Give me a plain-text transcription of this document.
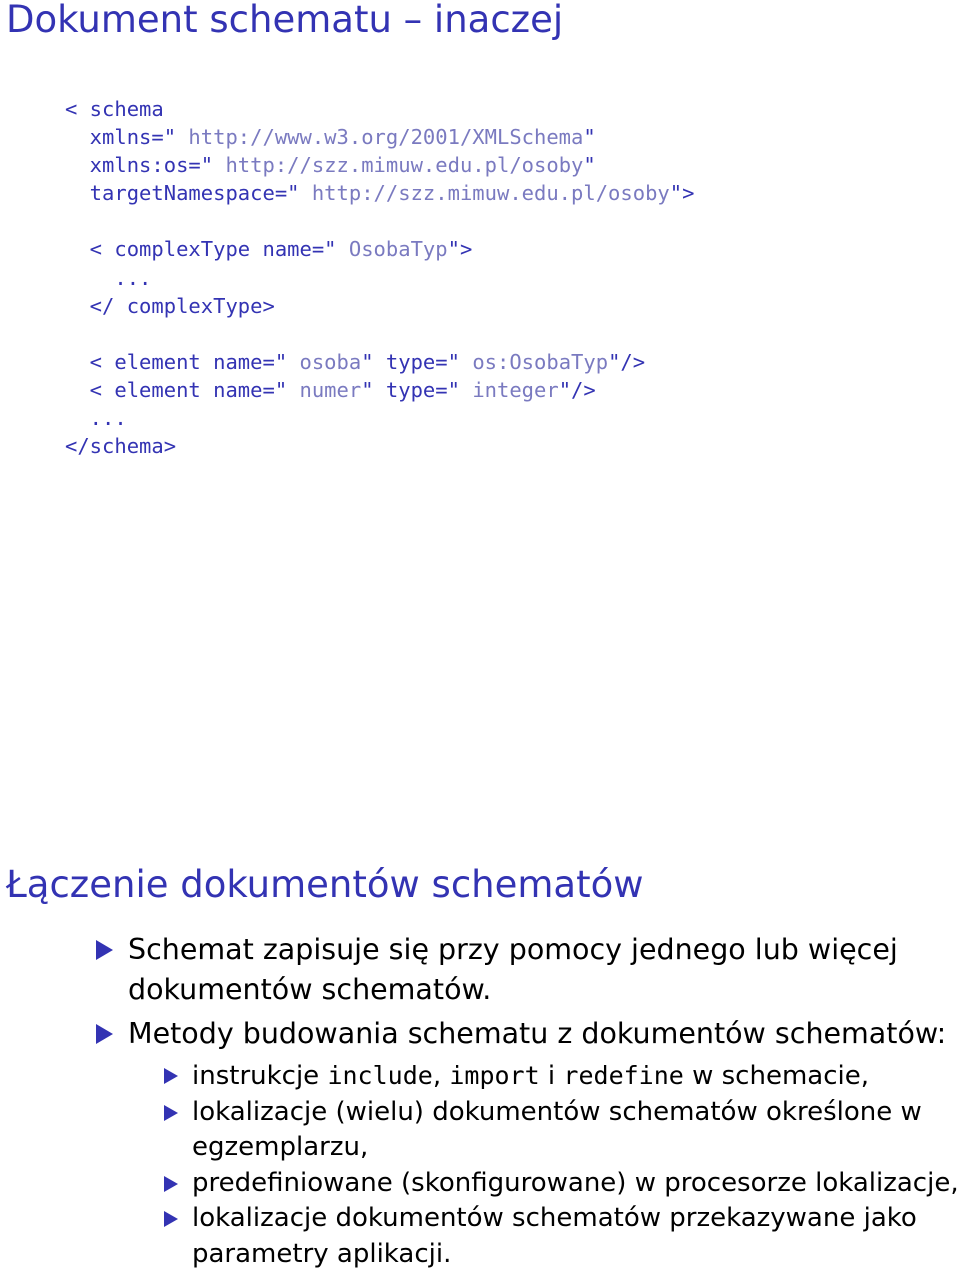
Dokument schematu – inaczej
< schema
xmlns=" http://www.w3.org/2001/XMLSchema"
xmlns:os=" http://szz.mimuw.edu.pl/osoby"
targetNamespace=" http://szz.mimuw.edu.pl/osoby">
< complexType name=" OsobaTyp">
...
</ complexType>
< element name=" osoba" type=" os:OsobaTyp"/>
< element name=" numer" type=" integer"/>
...
</schema>
Łączenie dokumentów schematów
Schemat zapisuje się przy pomocy jednego lub więcej dokumentów schematów.
Metody budowania schematu z dokumentów schematów:
instrukcje include, import i redefine w schemacie,
lokalizacje (wielu) dokumentów schematów określone w egzemplarzu,
predefiniowane (skonfigurowane) w procesorze lokalizacje,
lokalizacje dokumentów schematów przekazywane jako parametry aplikacji.
